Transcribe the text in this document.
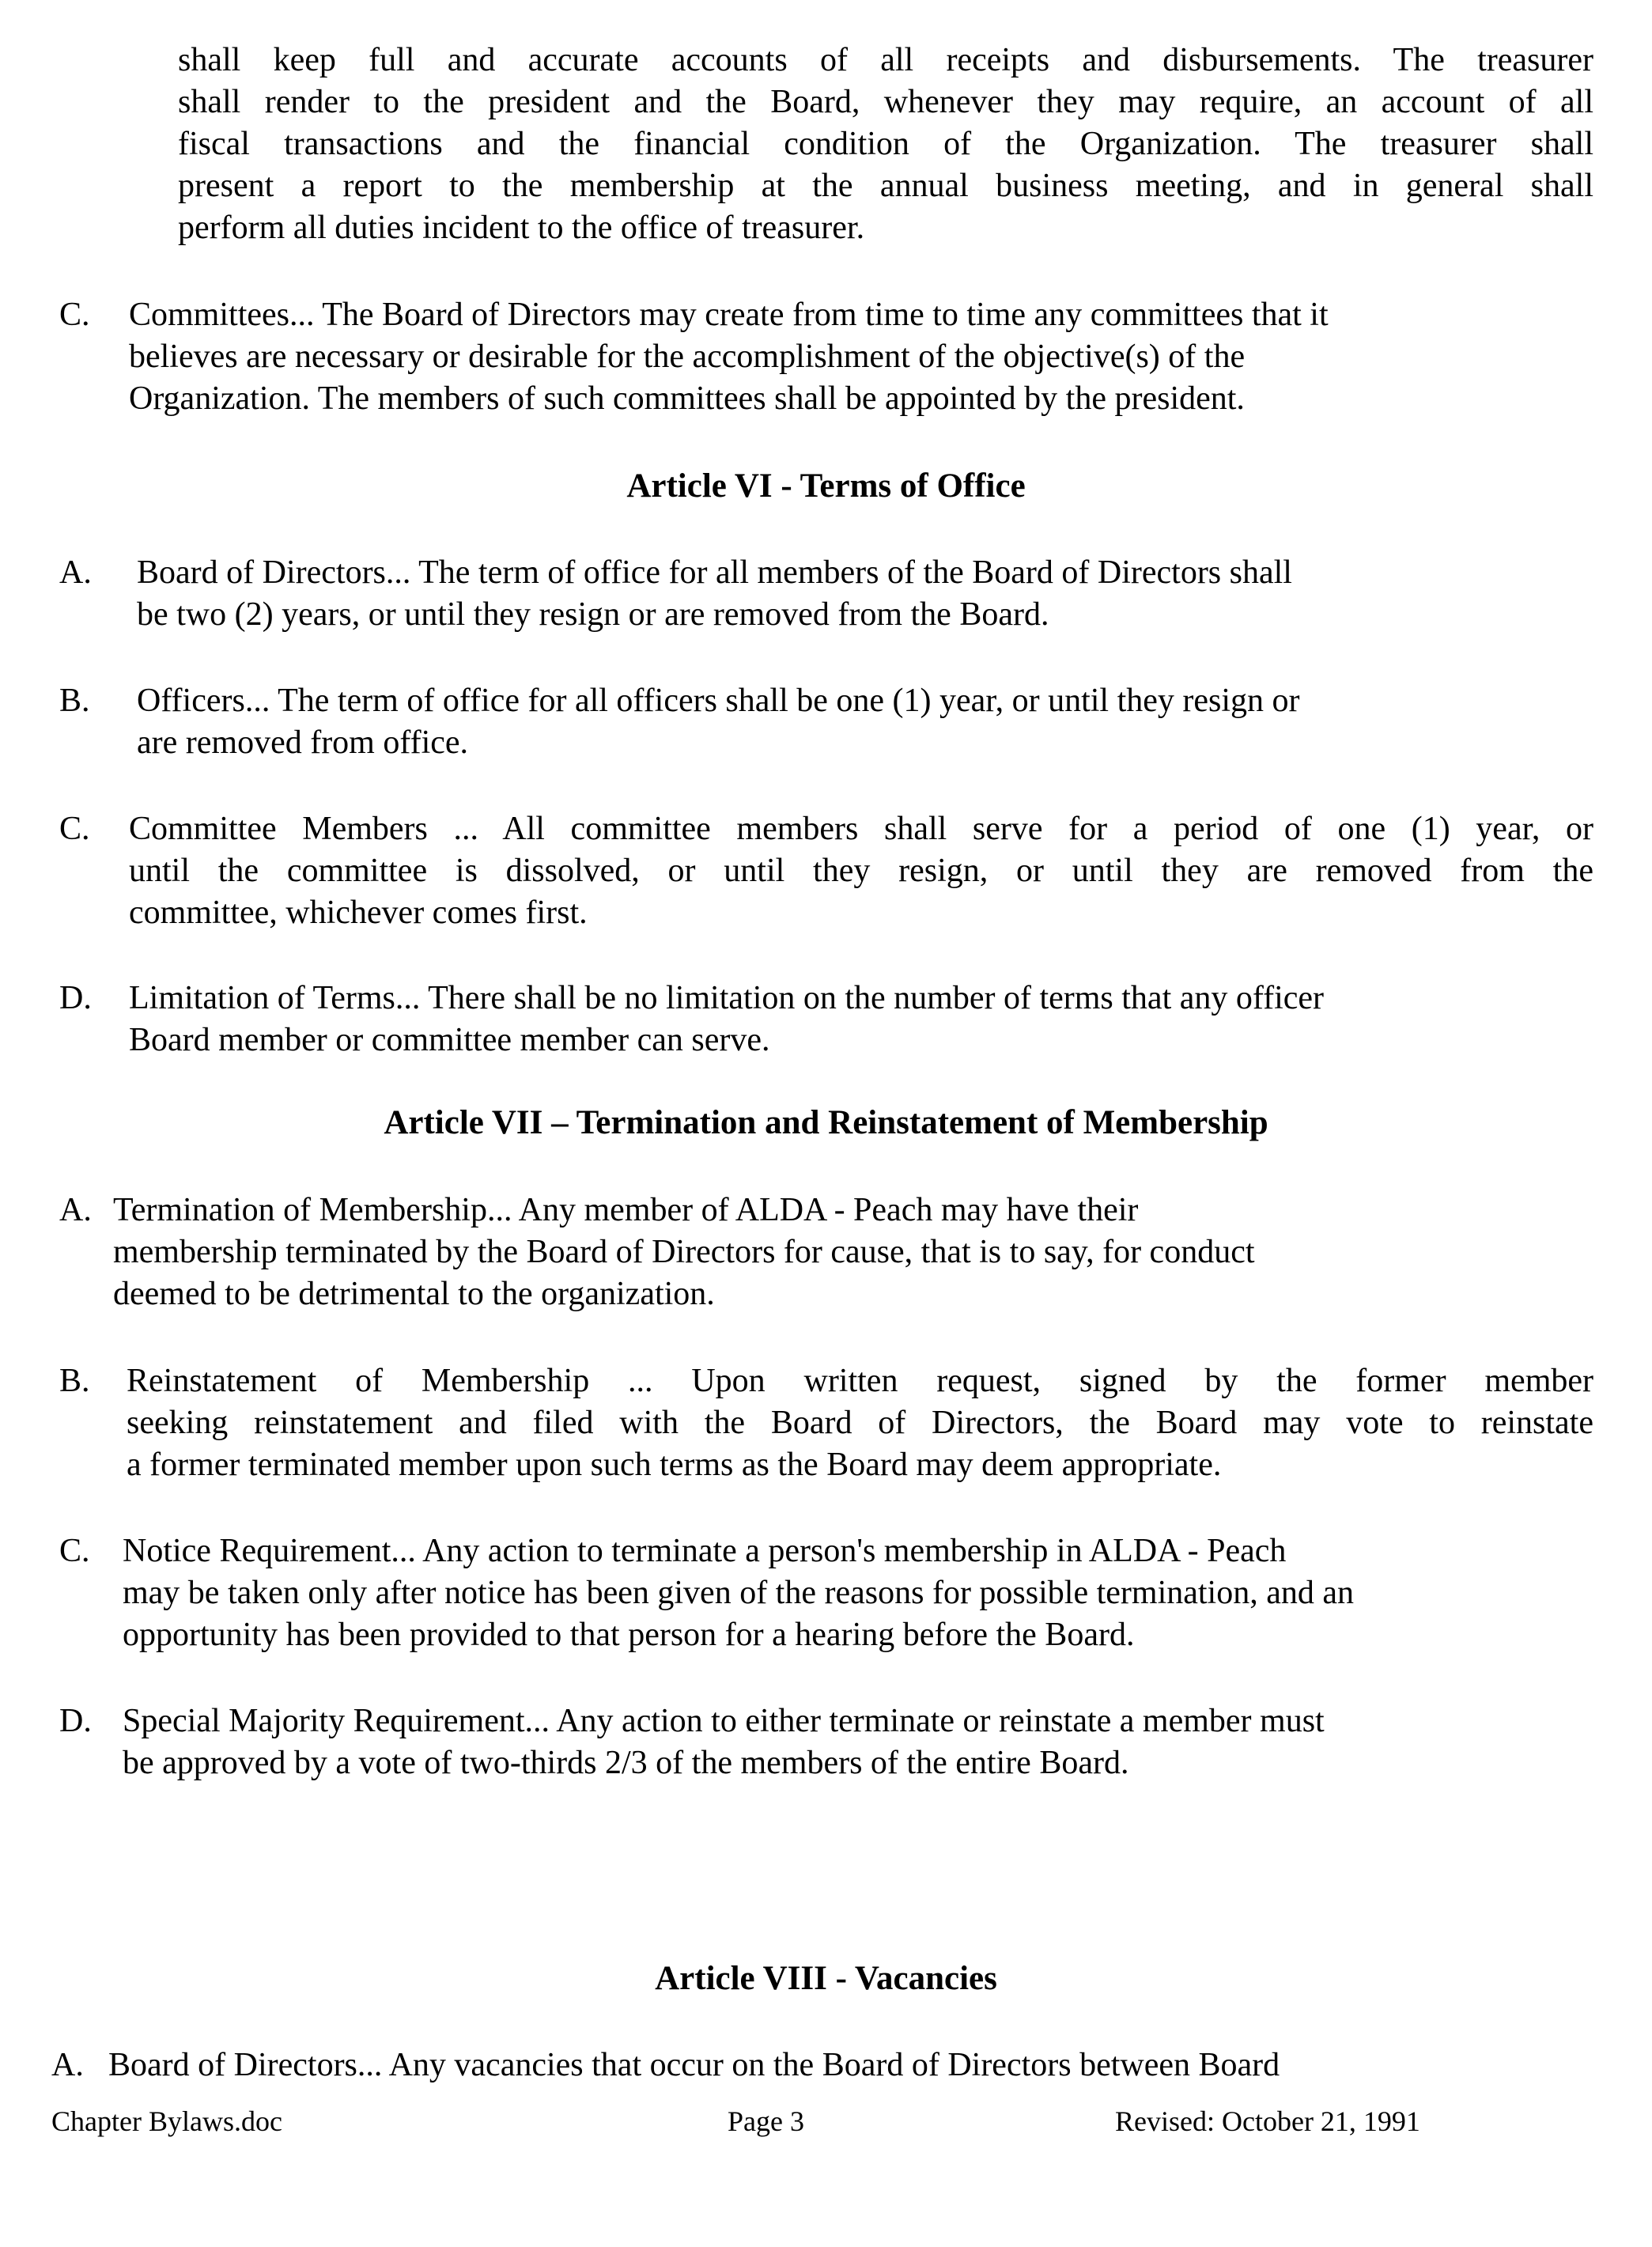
shall keep full and accurate accounts of all receipts and disbursements. The treasurer
shall render to the president and the Board, whenever they may require, an account of all
fiscal transactions and the financial condition of the Organization. The treasurer shall
present a report to the membership at the annual business meeting, and in general shall
perform all duties incident to the office of treasurer.
C. Committees... The Board of Directors may create from time to time any committees that it
believes are necessary or desirable for the accomplishment of the objective(s) of the
Organization. The members of such committees shall be appointed by the president.
Article VI - Terms of Office
A. Board of Directors... The term of office for all members of the Board of Directors shall
be two (2) years, or until they resign or are removed from the Board.
B. Officers... The term of office for all officers shall be one (1) year, or until they resign or
are removed from office.
C. Committee Members ... All committee members shall serve for a period of one (1) year, or
until the committee is dissolved, or until they resign, or until they are removed from the
committee, whichever comes first.
D. Limitation of Terms... There shall be no limitation on the number of terms that any officer
Board member or committee member can serve.
Article VII – Termination and Reinstatement of Membership
A. Termination of Membership... Any member of ALDA - Peach may have their
membership terminated by the Board of Directors for cause, that is to say, for conduct
deemed to be detrimental to the organization.
B. Reinstatement of Membership ... Upon written request, signed by the former member
seeking reinstatement and filed with the Board of Directors, the Board may vote to reinstate
a former terminated member upon such terms as the Board may deem appropriate.
C. Notice Requirement... Any action to terminate a person's membership in ALDA - Peach
may be taken only after notice has been given of the reasons for possible termination, and an
opportunity has been provided to that person for a hearing before the Board.
D. Special Majority Requirement... Any action to either terminate or reinstate a member must
be approved by a vote of two-thirds 2/3 of the members of the entire Board.
Article VIII - Vacancies
A. Board of Directors... Any vacancies that occur on the Board of Directors between Board
Chapter Bylaws.doc	Page 3	Revised: October 21, 1991
